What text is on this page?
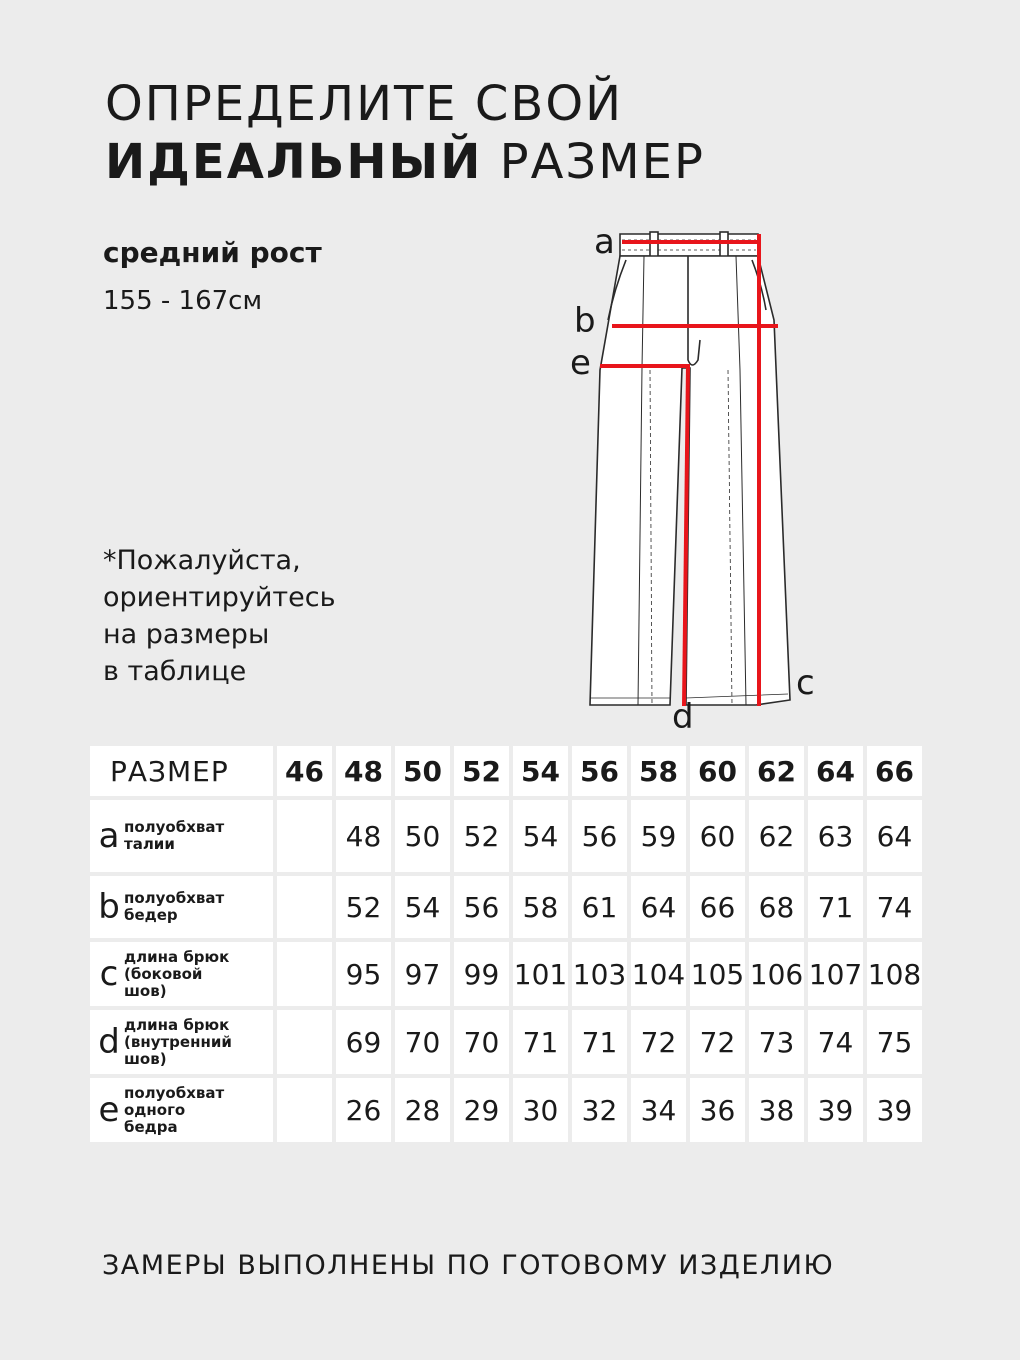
ОПРЕДЕЛИТЕ СВОЙ
ИДЕАЛЬНЫЙ РАЗМЕР
средний рост
155 - 167см
*Пожалуйста,
ориентируйтесь
на размеры
в таблице
a
b
e
c
d
РАЗМЕР	46	48	50	52	54	56	58	60	62	64	66

a полуобхват
талии		48	50	52	54	56	59	60	62	63	64

b полуобхват
бедер		52	54	56	58	61	64	66	68	71	74

c длина брюк
(боковой
шов)		95	97	99	101	103	104	105	106	107	108

d длина брюк
(внутренний
шов)		69	70	70	71	71	72	72	73	74	75

e полуобхват
одного
бедра		26	28	29	30	32	34	36	38	39	39
ЗАМЕРЫ ВЫПОЛНЕНЫ ПО ГОТОВОМУ ИЗДЕЛИЮ
